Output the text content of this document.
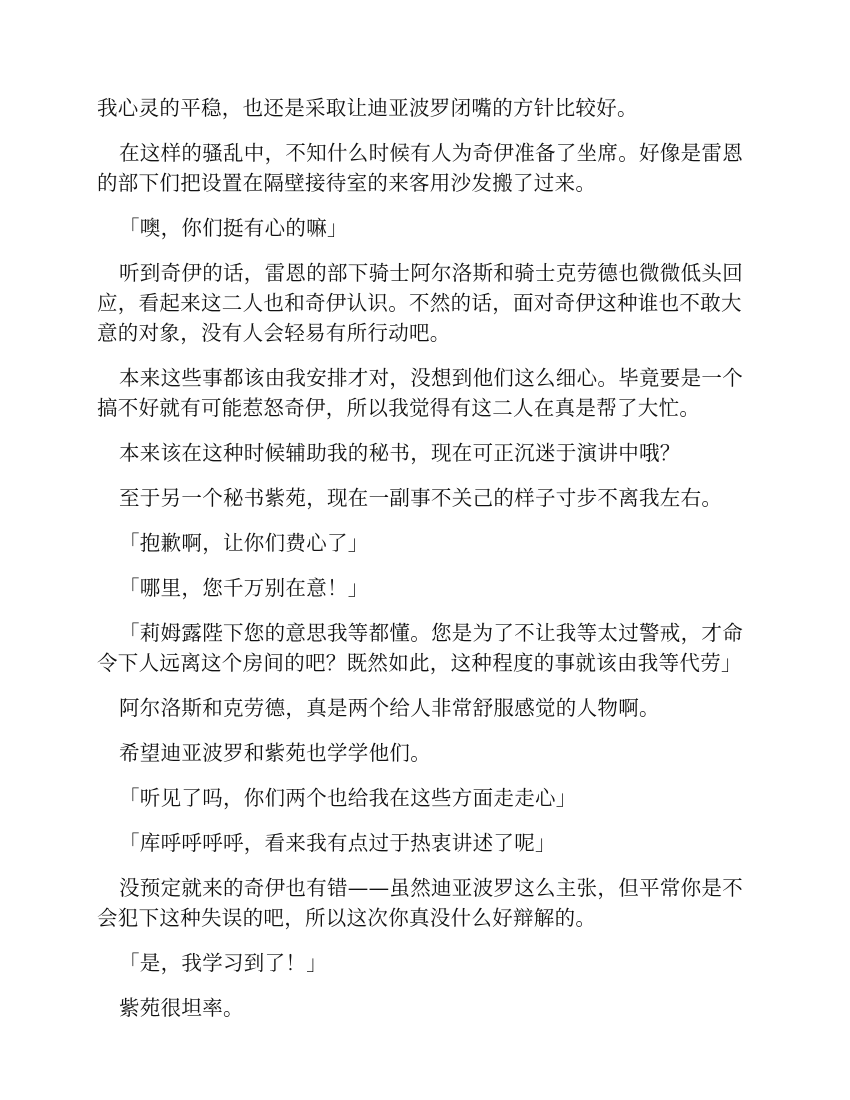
我心灵的平稳，也还是采取让迪亚波罗闭嘴的方针比较好。

在这样的骚乱中，不知什么时候有人为奇伊准备了坐席。好像是雷恩的部下们把设置在隔壁接待室的来客用沙发搬了过来。

「噢，你们挺有心的嘛」

听到奇伊的话，雷恩的部下骑士阿尔洛斯和骑士克劳德也微微低头回应，看起来这二人也和奇伊认识。不然的话，面对奇伊这种谁也不敢大意的对象，没有人会轻易有所行动吧。

本来这些事都该由我安排才对，没想到他们这么细心。毕竟要是一个搞不好就有可能惹怒奇伊，所以我觉得有这二人在真是帮了大忙。

本来该在这种时候辅助我的秘书，现在可正沉迷于演讲中哦？

至于另一个秘书紫苑，现在一副事不关己的样子寸步不离我左右。

「抱歉啊，让你们费心了」

「哪里，您千万别在意！」

「莉姆露陛下您的意思我等都懂。您是为了不让我等太过警戒，才命令下人远离这个房间的吧？既然如此，这种程度的事就该由我等代劳」

阿尔洛斯和克劳德，真是两个给人非常舒服感觉的人物啊。

希望迪亚波罗和紫苑也学学他们。

「听见了吗，你们两个也给我在这些方面走走心」

「库呼呼呼呼，看来我有点过于热衷讲述了呢」

没预定就来的奇伊也有错——虽然迪亚波罗这么主张，但平常你是不会犯下这种失误的吧，所以这次你真没什么好辩解的。

「是，我学习到了！」

紫苑很坦率。
